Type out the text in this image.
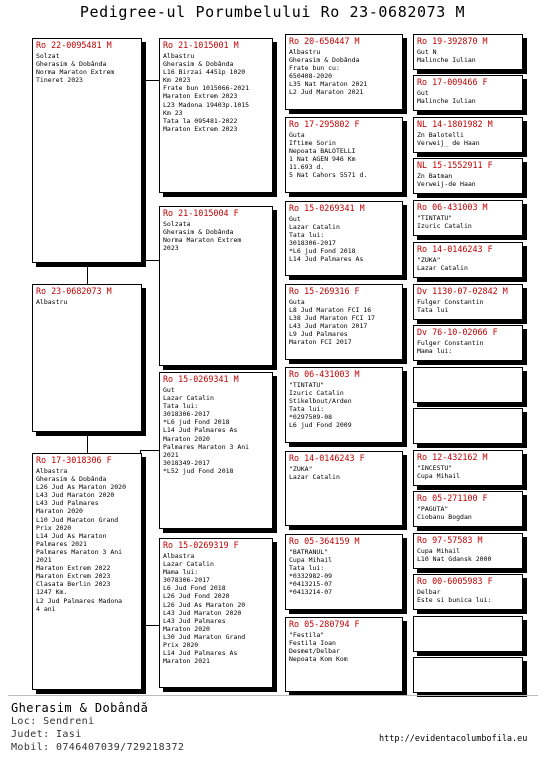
Pedigree-ul Porumbelului Ro 23-0682073 M
Ro 22-0095481 M
Solzat
Gherasim & Dobânda
Norma Maraton Extrem
Tineret 2023
Ro 23-0682073 M
Albastru
Ro 17-3018306 F
Albastra
Gherasim & Dobânda
L26 Jud As Maraton 2020
L43 Jud Maraton 2020
L43 Jud Palmares
Maraton 2020
L10 Jud Maraton Grand
Prix 2020
L14 Jud As Maraton
Palmares 2021
Palmares Maraton 3 Ani
2021
Maraton Extrem 2022
Maraton Extrem 2023
Clasata Berlin 2023
1247 Km.
L2 Jud Palmares Madona
4 ani
Ro 21-1015001 M
Albastru
Gherasim & Dobânda
L16 Birzai 4451p 1020
Km 2023
Frate bun 1015066-2021
Maraton Extrem 2023
L23 Madona 19403p.1015
Km 23
Tata la 095481-2022
Maraton Extrem 2023
Ro 21-1015004 F
Solzata
Gherasim & Dobânda
Norma Maraton Extrem
2023
Ro 15-0269341 M
Gut
Lazar Catalin
Tata lui:
3018306-2017
*L6 jud Fond 2018
L14 Jud Palmares As
Maraton 2020
Palmares Maraton 3 Ani
2021
3018349-2017
*L52 jud Fond 2018
Ro 15-0269319 F
Albastra
Lazar Catalin
Mama lui:
3078306-2017
L6 Jud Fond 2018
L26 Jud Fond 2020
L26 Jud As Maraton 20
L43 Jud Maraton 2020
L43 Jud Palmares
Maraton 2020
L30 Jud Maraton Grand
Prix 2020
L14 Jud Palmares As
Maraton 2021
Ro 20-650447 M
Albastru
Gherasim & Dobânda
Frate bun cu:
650408-2020
L35 Nat Maraton 2021
L2 Jud Maraton 2021
Ro 17-295802 F
Guta
Iftime Sorin
Nepoata BALOTELLI
1 Nat AGEN 946 Km
11.693 d.
5 Nat Cahors 5571 d.
Ro 15-0269341 M
Gut
Lazar Catalin
Tata lui:
3018306-2017
*L6 jud Fond 2018
L14 Jud Palmares As
Ro 15-269316 F
Guta
L8 Jud Maraton FCI 16
L38 Jud Maraton FCI 17
L43 Jud Maraton 2017
L9 Jud Palmares
Maraton FCI 2017
Ro 06-431003 M
"TINTATU"
Izuric Catalin
Stikelbout/Arden
Tata lui:
*0297509-08
L6 jud Fond 2009
Ro 14-0146243 F
"ZUKA"
Lazar Catalin
Ro 05-364159 M
"BATRANUL"
Cupa Mihail
Tata lui:
*0332982-09
*0413215-07
*0413214-07
Ro 05-280794 F
"Festila"
Festila Ioan
Desmet/Delbar
Nepoata Kom Kom
Ro 19-392870 M
Gut N
Malinche Iulian
Ro 17-009466 F
Gut
Malinche Iulian
NL 14-1801982 M
Zn Balotelli
Verweij_ de Haan
NL 15-1552911 F
Zn Batman
Verweij-de Haan
Ro 06-431003 M
"TINTATU"
Izuric Catalin
Ro 14-0146243 F
"ZUKA"
Lazar Catalin
Dv 1130-07-02842 M
Fulger Constantin
Tata lui
Dv 76-10-02066 F
Fulger Constantin
Mama lui:
Ro 12-432162 M
"INCESTU"
Cupa Mihail
Ro 05-271100 F
"PAGUTA"
Ciobanu Bogdan
Ro 97-57583 M
Cupa Mihail
L10 Nat Gdansk 2000
Ro 00-6005983 F
Delbar
Este si bunica lui:
Gherasim & Dobândă
Loc: Sendreni
Judet: Iasi
Mobil: 0746407039/729218372
http://evidentacolumbofila.eu
